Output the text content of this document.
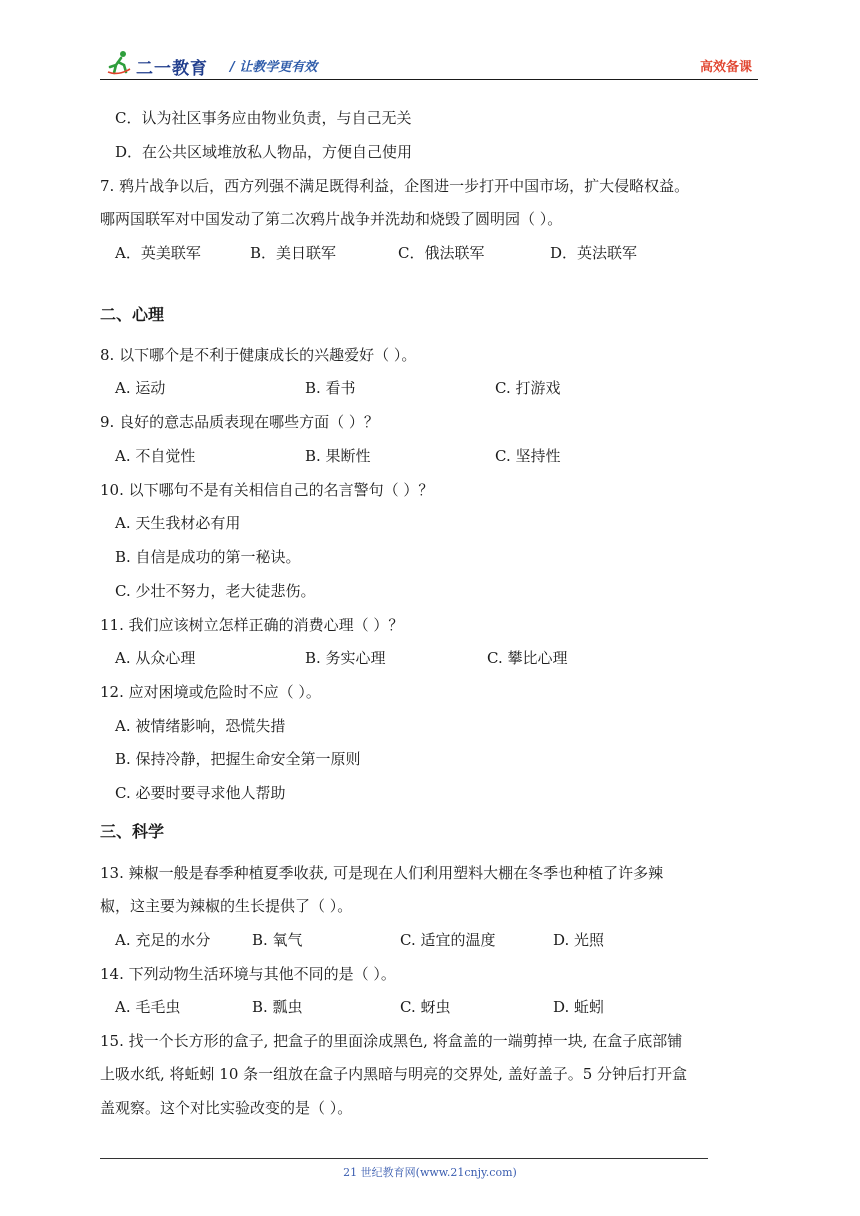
二一教育 / 让教学更有效	高效备课
C．认为社区事务应由物业负责，与自己无关
D．在公共区域堆放私人物品，方便自己使用
7. 鸦片战争以后，西方列强不满足既得利益，企图进一步打开中国市场，扩大侵略权益。
哪两国联军对中国发动了第二次鸦片战争并洗劫和烧毁了圆明园（ ）。
A．英美联军	B．美日联军	C．俄法联军	D．英法联军
二、心理
8. 以下哪个是不利于健康成长的兴趣爱好（ ）。
A. 运动	B. 看书	C. 打游戏
9. 良好的意志品质表现在哪些方面（ ）？
A. 不自觉性	B. 果断性	C. 坚持性
10. 以下哪句不是有关相信自己的名言警句（ ）？
A. 天生我材必有用
B. 自信是成功的第一秘诀。
C. 少壮不努力，老大徒悲伤。
11. 我们应该树立怎样正确的消费心理（ ）？
A. 从众心理	B. 务实心理	C. 攀比心理
12. 应对困境或危险时不应（ ）。
A. 被情绪影响，恐慌失措
B. 保持冷静，把握生命安全第一原则
C. 必要时要寻求他人帮助
三、科学
13. 辣椒一般是春季种植夏季收获, 可是现在人们利用塑料大棚在冬季也种植了许多辣
椒，这主要为辣椒的生长提供了（ ）。
A. 充足的水分	B. 氧气	C. 适宜的温度	D. 光照
14. 下列动物生活环境与其他不同的是（ ）。
A. 毛毛虫	B. 瓢虫	C. 蚜虫	D. 蚯蚓
15. 找一个长方形的盒子, 把盒子的里面涂成黑色, 将盒盖的一端剪掉一块, 在盒子底部铺
上吸水纸, 将蚯蚓 10 条一组放在盒子内黑暗与明亮的交界处, 盖好盖子。5 分钟后打开盒
盖观察。这个对比实验改变的是（ ）。
21 世纪教育网(www.21cnjy.com)
